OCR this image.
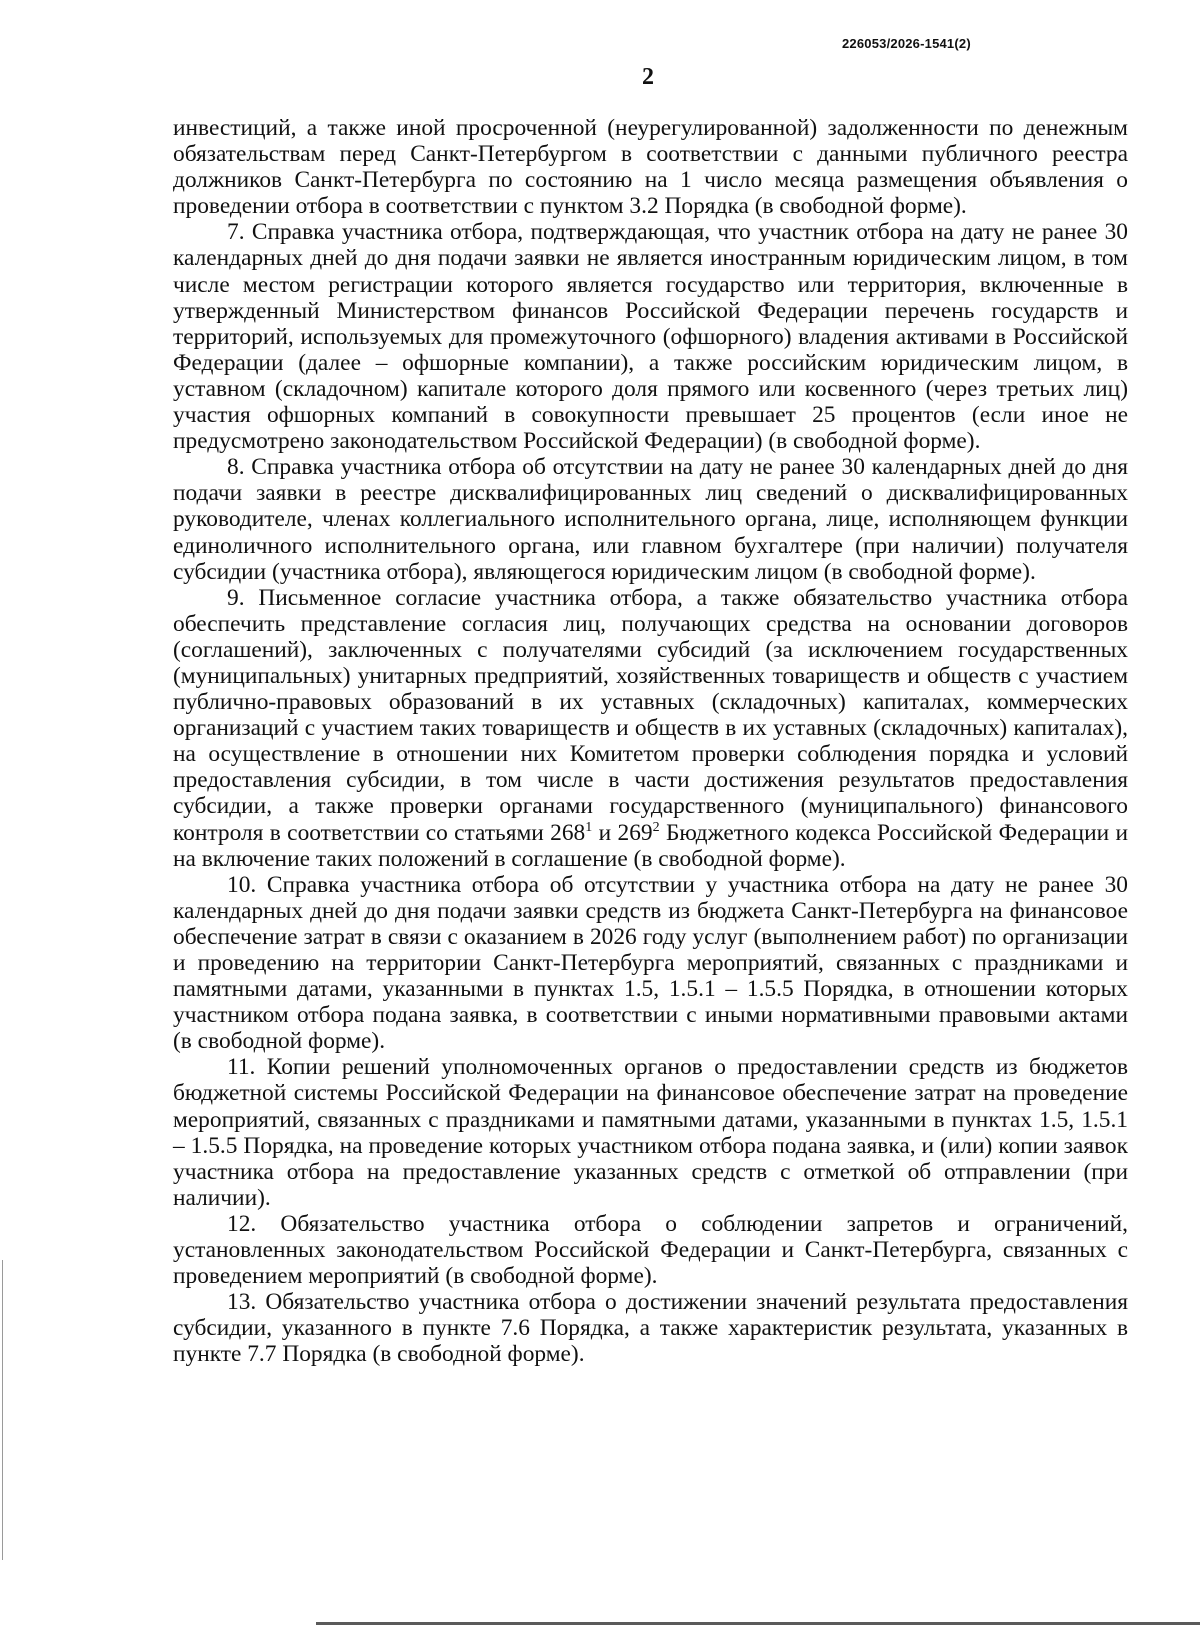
226053/2026-1541(2)
2

инвестиций, а также иной просроченной (неурегулированной) задолженности по денежным обязательствам перед Санкт-Петербургом в соответствии с данными публичного реестра должников Санкт-Петербурга по состоянию на 1 число месяца размещения объявления о проведении отбора в соответствии с пунктом 3.2 Порядка (в свободной форме).

7. Справка участника отбора, подтверждающая, что участник отбора на дату не ранее 30 календарных дней до дня подачи заявки не является иностранным юридическим лицом, в том числе местом регистрации которого является государство или территория, включенные в утвержденный Министерством финансов Российской Федерации перечень государств и территорий, используемых для промежуточного (офшорного) владения активами в Российской Федерации (далее – офшорные компании), а также российским юридическим лицом, в уставном (складочном) капитале которого доля прямого или косвенного (через третьих лиц) участия офшорных компаний в совокупности превышает 25 процентов (если иное не предусмотрено законодательством Российской Федерации) (в свободной форме).

8. Справка участника отбора об отсутствии на дату не ранее 30 календарных дней до дня подачи заявки в реестре дисквалифицированных лиц сведений о дисквалифицированных руководителе, членах коллегиального исполнительного органа, лице, исполняющем функции единоличного исполнительного органа, или главном бухгалтере (при наличии) получателя субсидии (участника отбора), являющегося юридическим лицом (в свободной форме).

9. Письменное согласие участника отбора, а также обязательство участника отбора обеспечить представление согласия лиц, получающих средства на основании договоров (соглашений), заключенных с получателями субсидий (за исключением государственных (муниципальных) унитарных предприятий, хозяйственных товариществ и обществ с участием публично-правовых образований в их уставных (складочных) капиталах, коммерческих организаций с участием таких товариществ и обществ в их уставных (складочных) капиталах), на осуществление в отношении них Комитетом проверки соблюдения порядка и условий предоставления субсидии, в том числе в части достижения результатов предоставления субсидии, а также проверки органами государственного (муниципального) финансового контроля в соответствии со статьями $268^1$ и $269^2$ Бюджетного кодекса Российской Федерации и на включение таких положений в соглашение (в свободной форме).

10. Справка участника отбора об отсутствии у участника отбора на дату не ранее 30 календарных дней до дня подачи заявки средств из бюджета Санкт-Петербурга на финансовое обеспечение затрат в связи с оказанием в 2026 году услуг (выполнением работ) по организации и проведению на территории Санкт-Петербурга мероприятий, связанных с праздниками и памятными датами, указанными в пунктах 1.5, 1.5.1 – 1.5.5 Порядка, в отношении которых участником отбора подана заявка, в соответствии с иными нормативными правовыми актами (в свободной форме).

11. Копии решений уполномоченных органов о предоставлении средств из бюджетов бюджетной системы Российской Федерации на финансовое обеспечение затрат на проведение мероприятий, связанных с праздниками и памятными датами, указанными в пунктах 1.5, 1.5.1 – 1.5.5 Порядка, на проведение которых участником отбора подана заявка, и (или) копии заявок участника отбора на предоставление указанных средств с отметкой об отправлении (при наличии).

12. Обязательство участника отбора о соблюдении запретов и ограничений, установленных законодательством Российской Федерации и Санкт-Петербурга, связанных с проведением мероприятий (в свободной форме).

13. Обязательство участника отбора о достижении значений результата предоставления субсидии, указанного в пункте 7.6 Порядка, а также характеристик результата, указанных в пункте 7.7 Порядка (в свободной форме).
